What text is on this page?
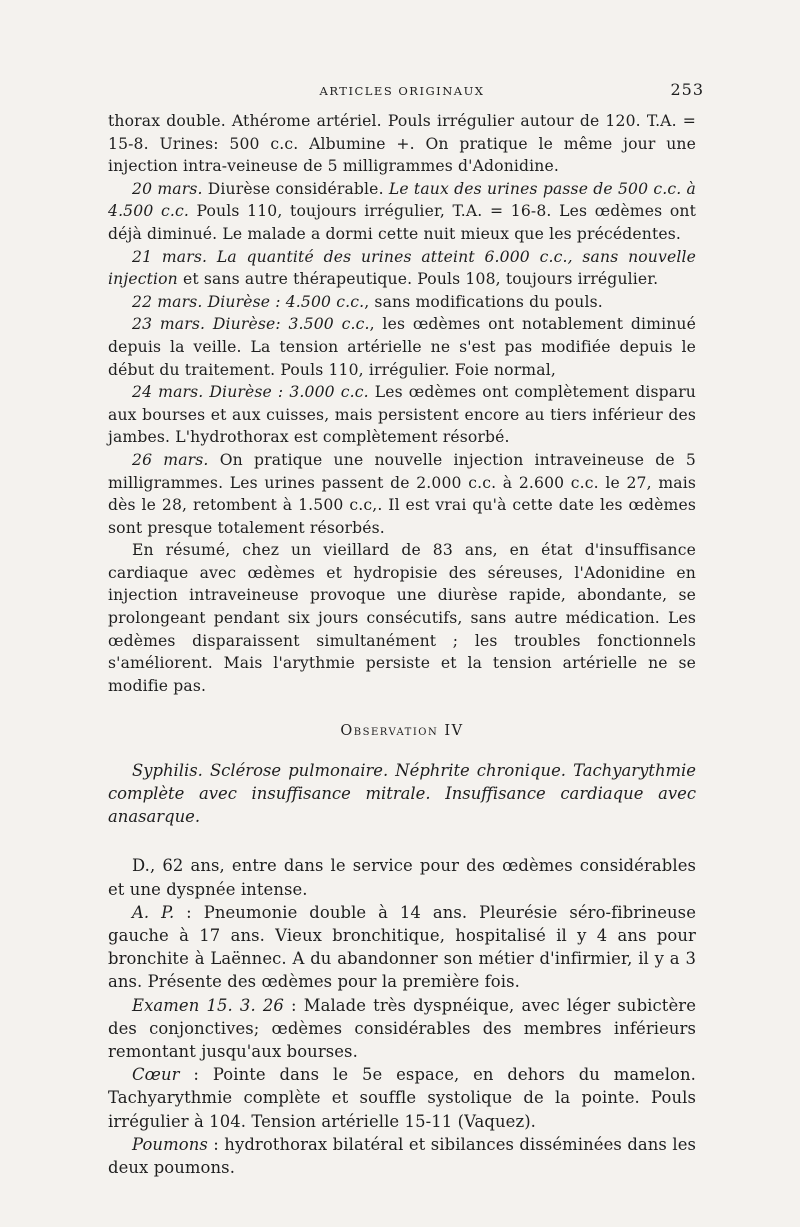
ARTICLES ORIGINAUX	253

thorax double. Athérome artériel. Pouls irrégulier autour de 120. T.A. = 15-8. Urines: 500 c.c. Albumine +. On pratique le même jour une injection intra-veineuse de 5 milligrammes d'Adonidine.

20 mars. Diurèse considérable. Le taux des urines passe de 500 c.c. à 4.500 c.c. Pouls 110, toujours irrégulier, T.A. = 16-8. Les œdèmes ont déjà diminué. Le malade a dormi cette nuit mieux que les précédentes.

21 mars. La quantité des urines atteint 6.000 c.c., sans nouvelle injection et sans autre thérapeutique. Pouls 108, toujours irrégulier.

22 mars. Diurèse : 4.500 c.c., sans modifications du pouls.

23 mars. Diurèse: 3.500 c.c., les œdèmes ont notablement diminué depuis la veille. La tension artérielle ne s'est pas modifiée depuis le début du traitement. Pouls 110, irrégulier. Foie normal,

24 mars. Diurèse : 3.000 c.c. Les œdèmes ont complètement disparu aux bourses et aux cuisses, mais persistent encore au tiers inférieur des jambes. L'hydrothorax est complètement résorbé.

26 mars. On pratique une nouvelle injection intraveineuse de 5 milligrammes. Les urines passent de 2.000 c.c. à 2.600 c.c. le 27, mais dès le 28, retombent à 1.500 c.c,. Il est vrai qu'à cette date les œdèmes sont presque totalement résorbés.

En résumé, chez un vieillard de 83 ans, en état d'insuffisance cardiaque avec œdèmes et hydropisie des séreuses, l'Adonidine en injection intraveineuse provoque une diurèse rapide, abondante, se prolongeant pendant six jours consécutifs, sans autre médication. Les œdèmes disparaissent simultanément ; les troubles fonctionnels s'améliorent. Mais l'arythmie persiste et la tension artérielle ne se modifie pas.

Observation IV

Syphilis. Sclérose pulmonaire. Néphrite chronique. Tachyarythmie complète avec insuffisance mitrale. Insuffisance cardiaque avec anasarque.

D., 62 ans, entre dans le service pour des œdèmes considérables et une dyspnée intense.

A. P. : Pneumonie double à 14 ans. Pleurésie séro-fibrineuse gauche à 17 ans. Vieux bronchitique, hospitalisé il y 4 ans pour bronchite à Laënnec. A du abandonner son métier d'infirmier, il y a 3 ans. Présente des œdèmes pour la première fois.

Examen 15. 3. 26 : Malade très dyspnéique, avec léger subictère des conjonctives; œdèmes considérables des membres inférieurs remontant jusqu'aux bourses.

Cœur : Pointe dans le 5e espace, en dehors du mamelon. Tachyarythmie complète et souffle systolique de la pointe. Pouls irrégulier à 104. Tension artérielle 15-11 (Vaquez).

Poumons : hydrothorax bilatéral et sibilances disséminées dans les deux poumons.
